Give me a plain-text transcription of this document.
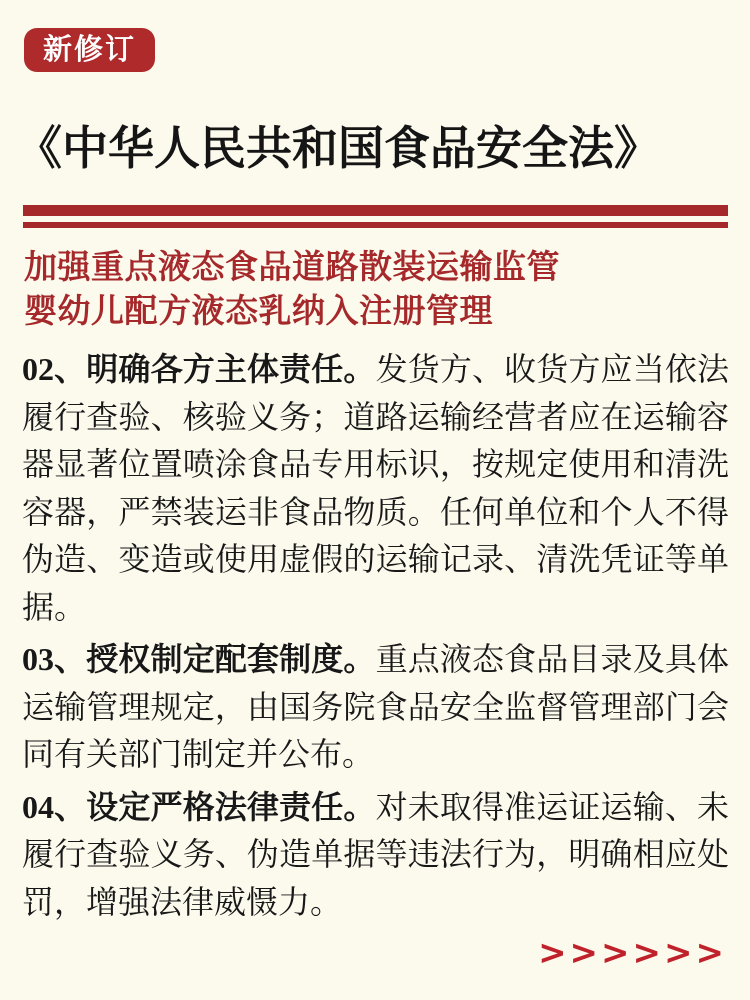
新修订
《中华人民共和国食品安全法》
加强重点液态食品道路散装运输监管
婴幼儿配方液态乳纳入注册管理

02、明确各方主体责任。发货方、收货方应当依法履行查验、核验义务；道路运输经营者应在运输容器显著位置喷涂食品专用标识，按规定使用和清洗容器，严禁装运非食品物质。任何单位和个人不得伪造、变造或使用虚假的运输记录、清洗凭证等单据。

03、授权制定配套制度。重点液态食品目录及具体运输管理规定，由国务院食品安全监督管理部门会同有关部门制定并公布。

04、设定严格法律责任。对未取得准运证运输、未履行查验义务、伪造单据等违法行为，明确相应处罚，增强法律威慑力。

>>>>>>
